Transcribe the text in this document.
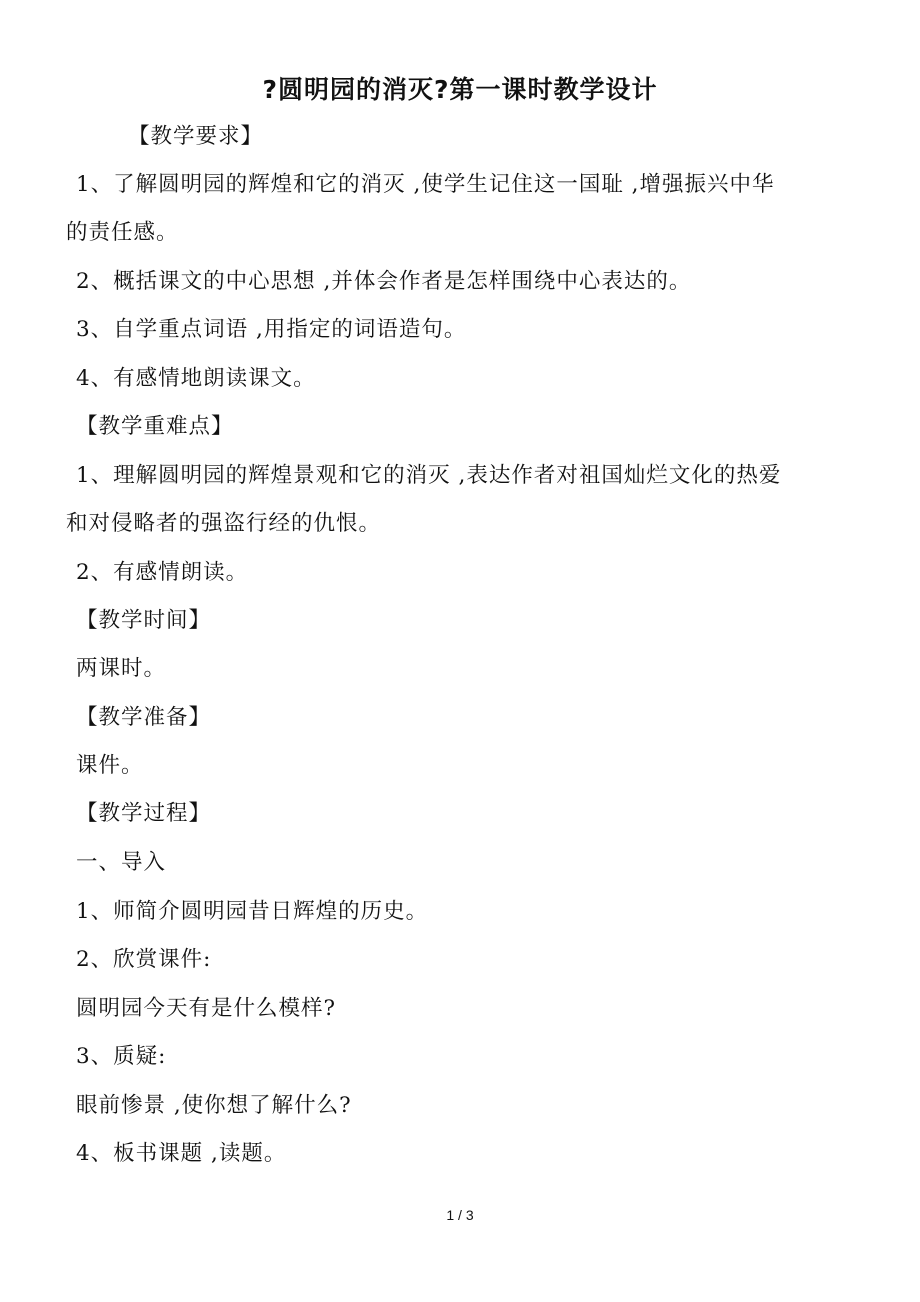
?圆明园的消灭?第一课时教学设计
【教学要求】
1、了解圆明园的辉煌和它的消灭 ,使学生记住这一国耻 ,增强振兴中华
的责任感。
2、概括课文的中心思想 ,并体会作者是怎样围绕中心表达的。
3、自学重点词语 ,用指定的词语造句。
4、有感情地朗读课文。
【教学重难点】
1、理解圆明园的辉煌景观和它的消灭 ,表达作者对祖国灿烂文化的热爱
和对侵略者的强盗行经的仇恨。
2、有感情朗读。
【教学时间】
两课时。
【教学准备】
课件。
【教学过程】
一、导入
1、师简介圆明园昔日辉煌的历史。
2、欣赏课件:
圆明园今天有是什么模样?
3、质疑:
眼前惨景 ,使你想了解什么?
4、板书课题 ,读题。
1 / 3
